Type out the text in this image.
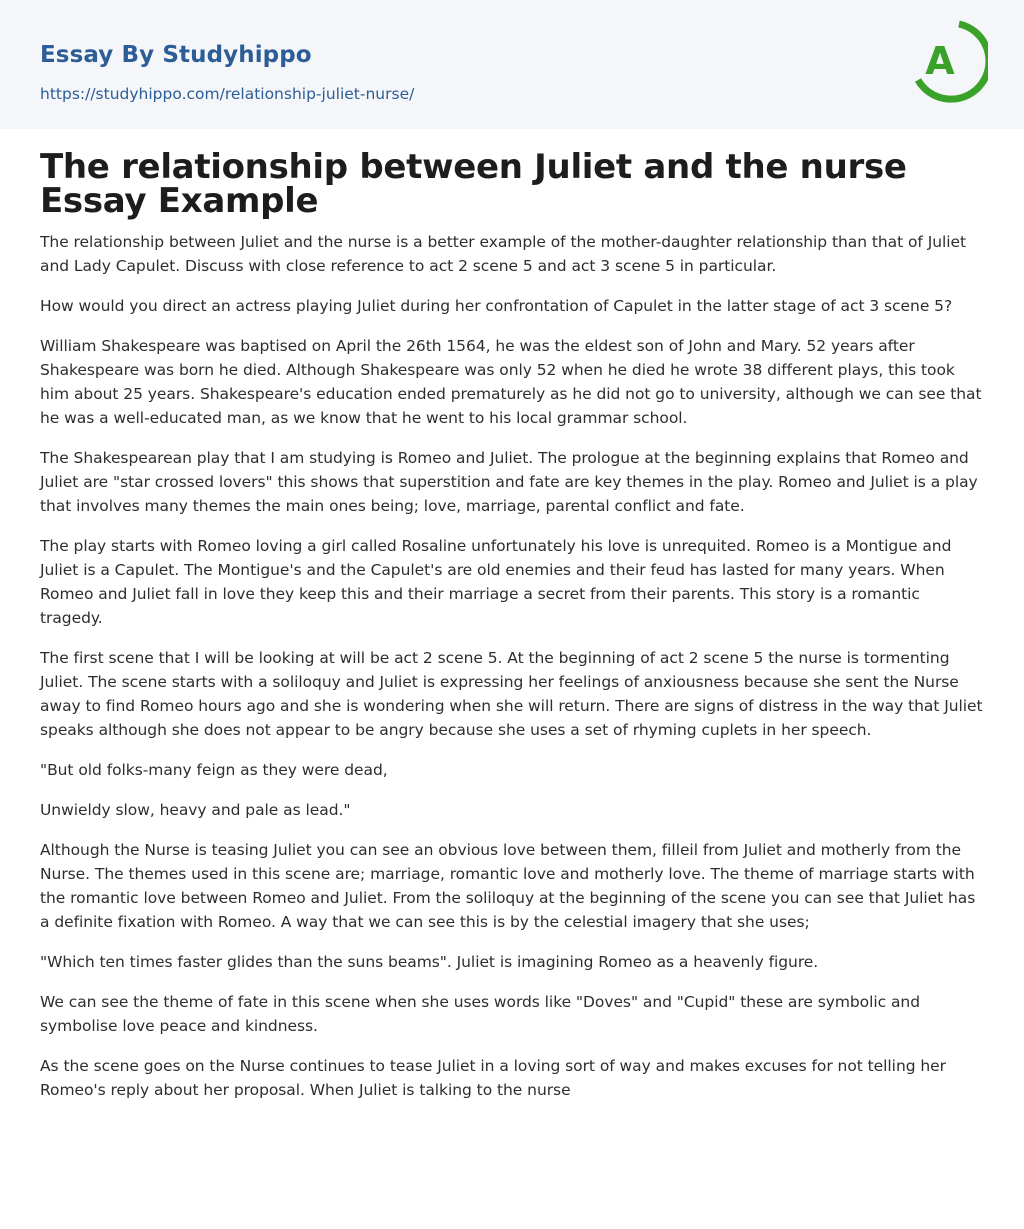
Essay By Studyhippo
https://studyhippo.com/relationship-juliet-nurse/
A
The relationship between Juliet and the nurse Essay Example

The relationship between Juliet and the nurse is a better example of the mother-daughter relationship than that of Juliet and Lady Capulet. Discuss with close reference to act 2 scene 5 and act 3 scene 5 in particular.

How would you direct an actress playing Juliet during her confrontation of Capulet in the latter stage of act 3 scene 5?

William Shakespeare was baptised on April the 26th 1564, he was the eldest son of John and Mary. 52 years after Shakespeare was born he died. Although Shakespeare was only 52 when he died he wrote 38 different plays, this took him about 25 years. Shakespeare's education ended prematurely as he did not go to university, although we can see that he was a well-educated man, as we know that he went to his local grammar school.

The Shakespearean play that I am studying is Romeo and Juliet. The prologue at the beginning explains that Romeo and Juliet are "star crossed lovers" this shows that superstition and fate are key themes in the play. Romeo and Juliet is a play that involves many themes the main ones being; love, marriage, parental conflict and fate.

The play starts with Romeo loving a girl called Rosaline unfortunately his love is unrequited. Romeo is a Montigue and Juliet is a Capulet. The Montigue's and the Capulet's are old enemies and their feud has lasted for many years. When Romeo and Juliet fall in love they keep this and their marriage a secret from their parents. This story is a romantic tragedy.

The first scene that I will be looking at will be act 2 scene 5. At the beginning of act 2 scene 5 the nurse is tormenting Juliet. The scene starts with a soliloquy and Juliet is expressing her feelings of anxiousness because she sent the Nurse away to find Romeo hours ago and she is wondering when she will return. There are signs of distress in the way that Juliet speaks although she does not appear to be angry because she uses a set of rhyming cuplets in her speech.

"But old folks-many feign as they were dead,

Unwieldy slow, heavy and pale as lead."

Although the Nurse is teasing Juliet you can see an obvious love between them, filleil from Juliet and motherly from the Nurse. The themes used in this scene are; marriage, romantic love and motherly love. The theme of marriage starts with the romantic love between Romeo and Juliet. From the soliloquy at the beginning of the scene you can see that Juliet has a definite fixation with Romeo. A way that we can see this is by the celestial imagery that she uses;

"Which ten times faster glides than the suns beams". Juliet is imagining Romeo as a heavenly figure.

We can see the theme of fate in this scene when she uses words like "Doves" and "Cupid" these are symbolic and symbolise love peace and kindness.

As the scene goes on the Nurse continues to tease Juliet in a loving sort of way and makes excuses for not telling her Romeo's reply about her proposal. When Juliet is talking to the nurse
